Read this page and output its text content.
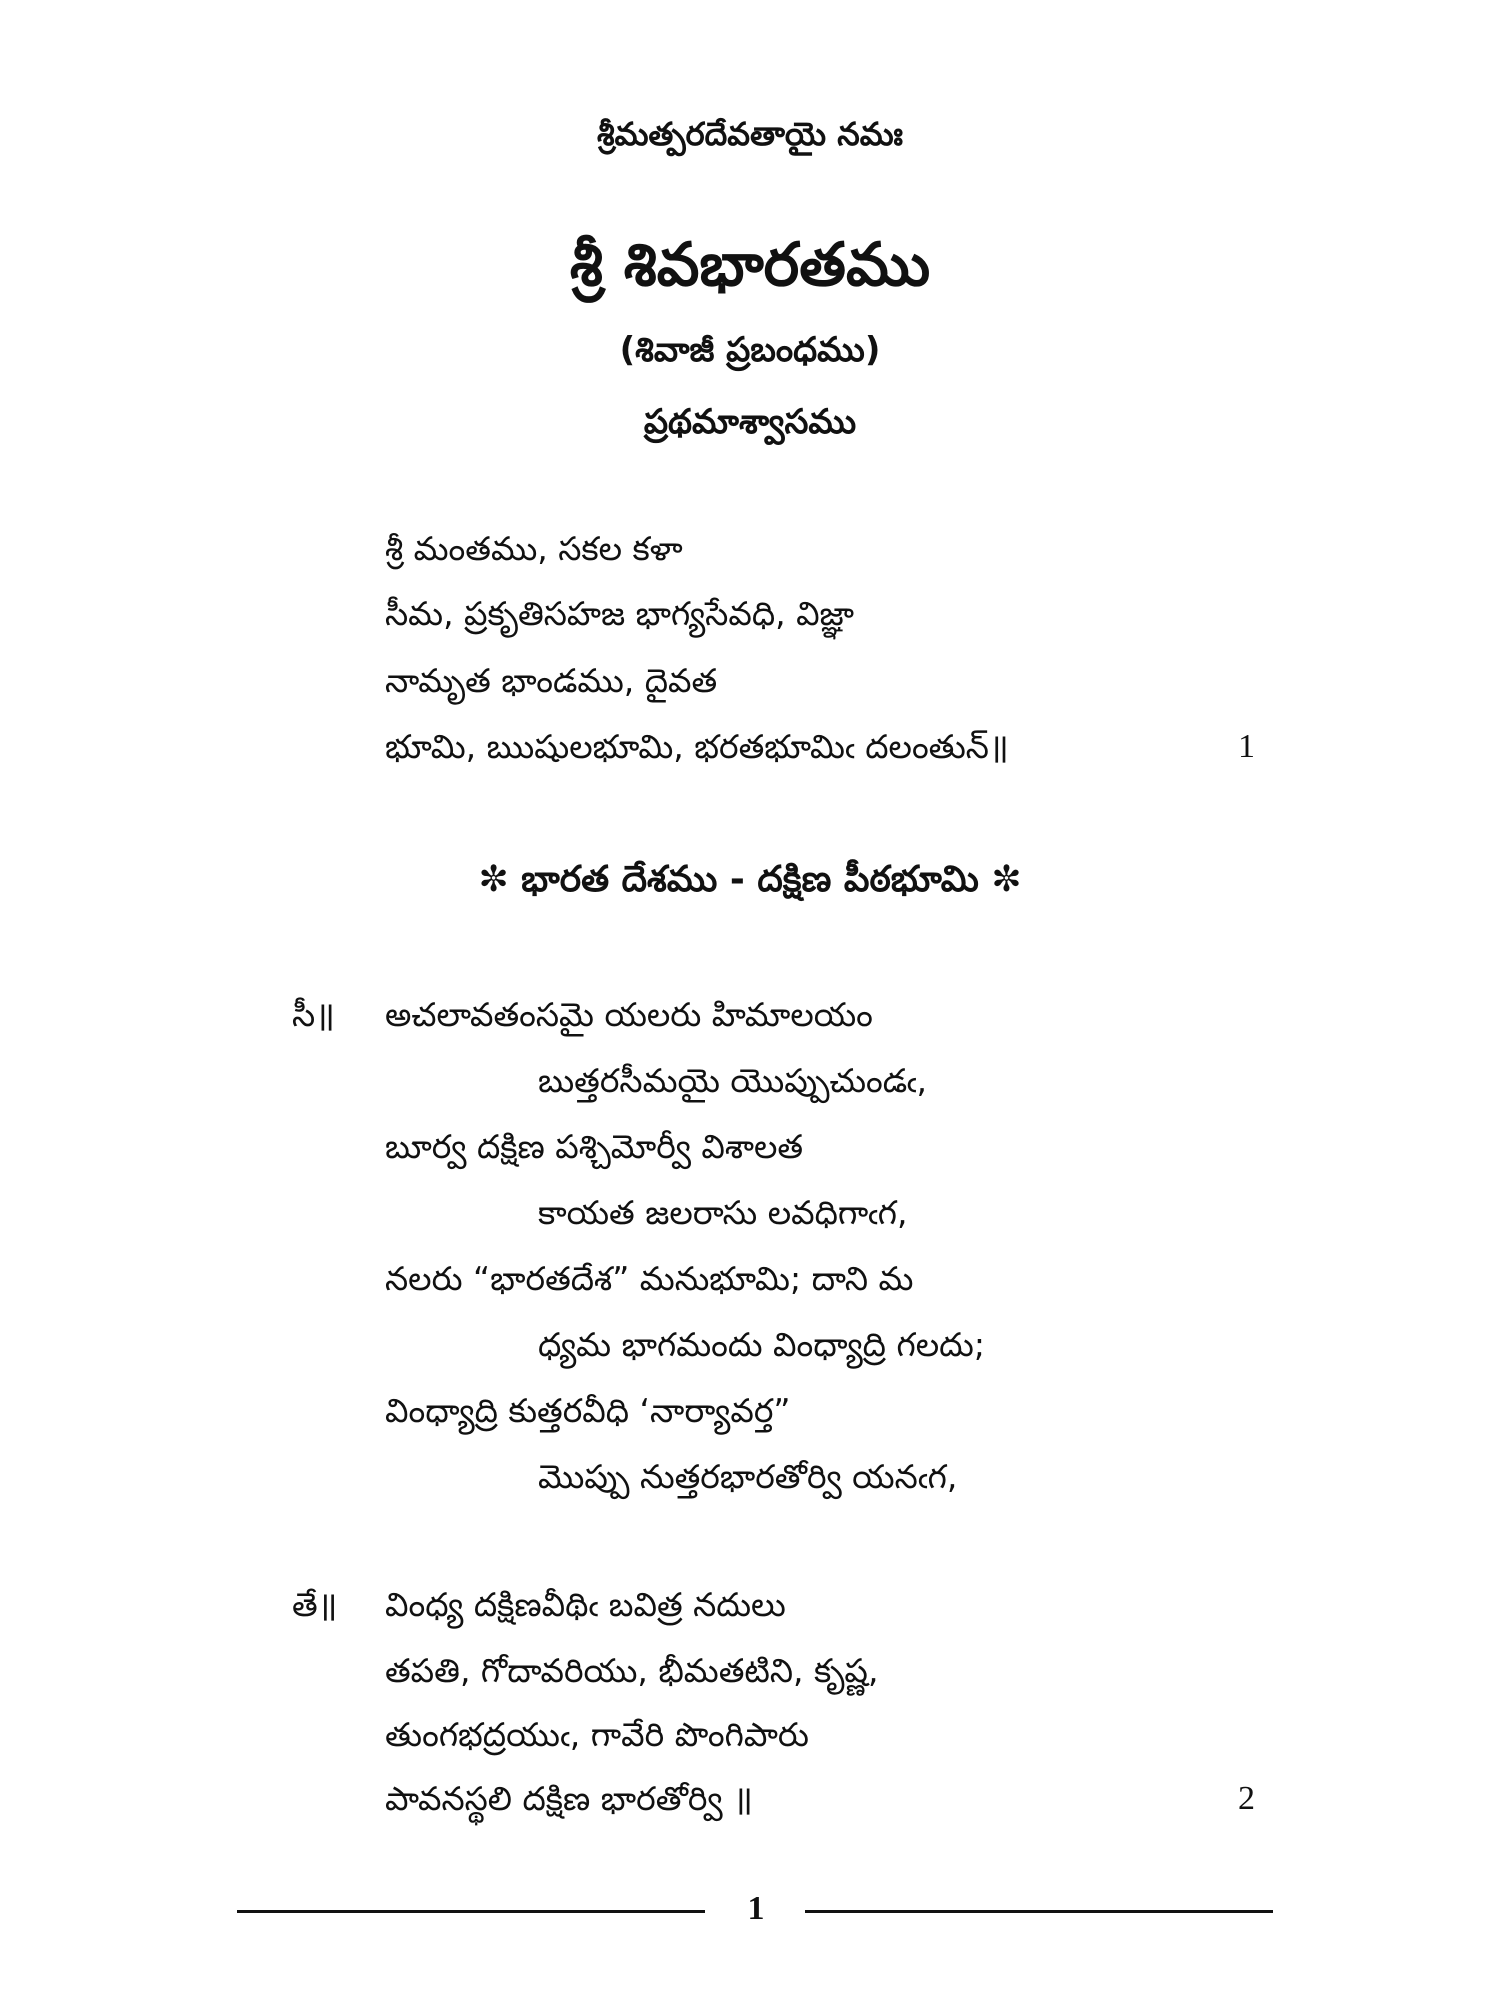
శ్రీమత్పరదేవతాయై నమః
శ్రీ శివభారతము
(శివాజీ ప్రబంధము)
ప్రథమాశ్వాసము
శ్రీ మంతము, సకల కళా
సీమ, ప్రకృతిసహజ భాగ్యసేవధి, విజ్ఞా
నామృత భాండము, దైవత
భూమి, ఋషులభూమి, భరతభూమిఁ దలంతున్॥	1
✼ భారత దేశము - దక్షిణ పీఠభూమి ✼
సీ॥ అచలావతంసమై యలరు హిమాలయం
బుత్తరసీమయై యొప్పుచుండఁ,
బూర్వ దక్షిణ పశ్చిమోర్వీ విశాలత
కాయత జలరాసు లవధిగాఁగ,
నలరు “భారతదేశ” మనుభూమి; దాని మ
ధ్యమ భాగమందు వింధ్యాద్రి గలదు;
వింధ్యాద్రి కుత్తరవీధి ‘నార్యావర్త”
మొప్పు నుత్తరభారతోర్వి యనఁగ,
తే॥ వింధ్య దక్షిణవీథిఁ బవిత్ర నదులు
తపతి, గోదావరియు, భీమతటిని, కృష్ణ,
తుంగభద్రయుఁ, గావేరి పొంగిపారు
పావనస్థలి దక్షిణ భారతోర్వి ॥	2
1
